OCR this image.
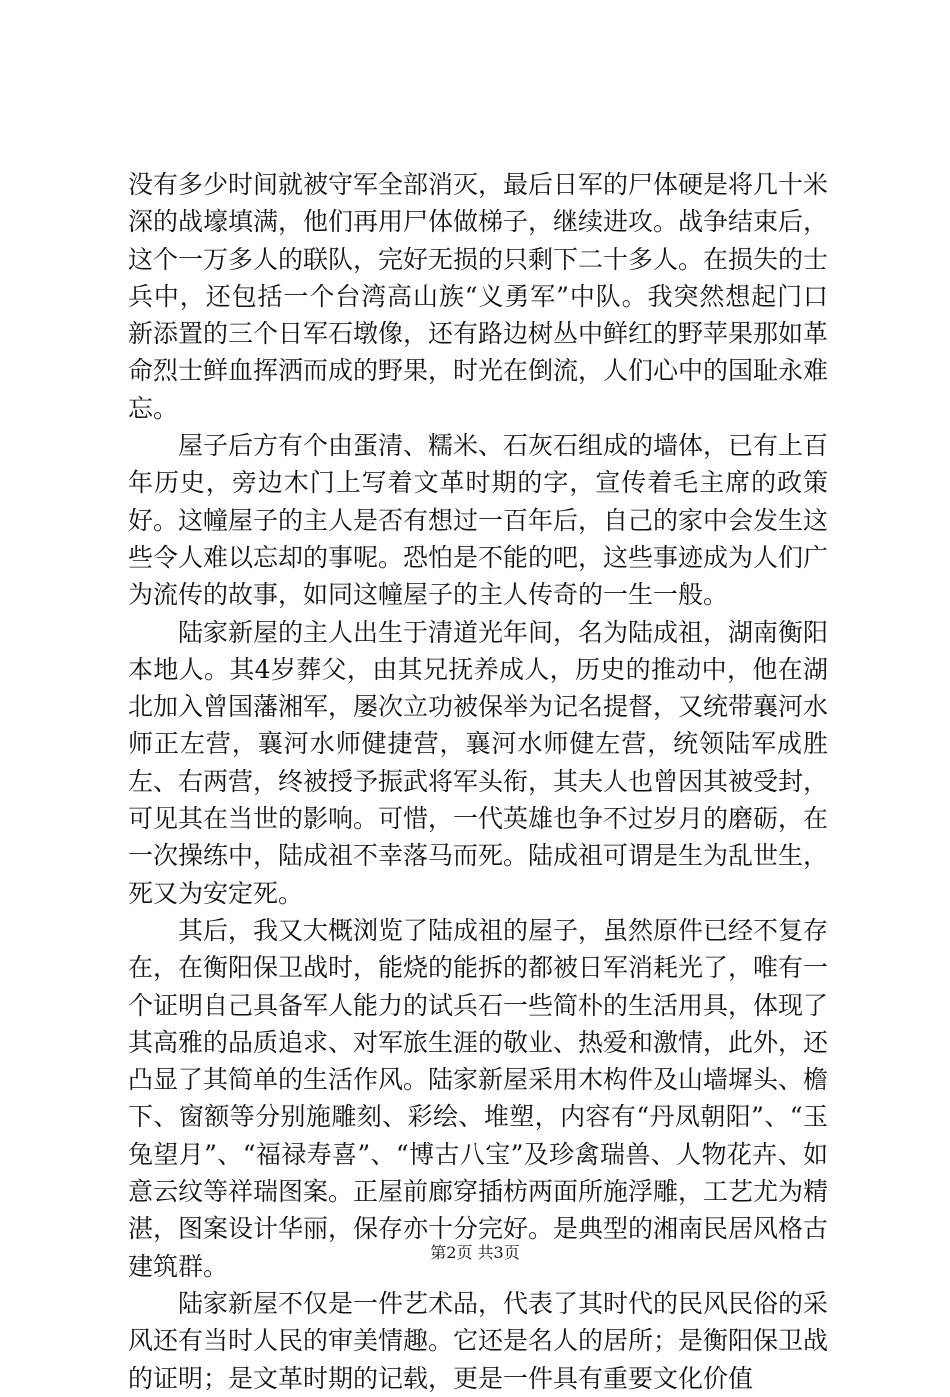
没有多少时间就被守军全部消灭，最后日军的尸体硬是将几十米深的战壕填满，他们再用尸体做梯子，继续进攻。战争结束后，这个一万多人的联队，完好无损的只剩下二十多人。在损失的士兵中，还包括一个台湾高山族“义勇军”中队。我突然想起门口新添置的三个日军石墩像，还有路边树丛中鲜红的野苹果那如革命烈士鲜血挥洒而成的野果，时光在倒流，人们心中的国耻永难忘。

屋子后方有个由蛋清、糯米、石灰石组成的墙体，已有上百年历史，旁边木门上写着文革时期的字，宣传着毛主席的政策好。这幢屋子的主人是否有想过一百年后，自己的家中会发生这些令人难以忘却的事呢。恐怕是不能的吧，这些事迹成为人们广为流传的故事，如同这幢屋子的主人传奇的一生一般。

陆家新屋的主人出生于清道光年间，名为陆成祖，湖南衡阳本地人。其4岁葬父，由其兄抚养成人，历史的推动中，他在湖北加入曾国藩湘军，屡次立功被保举为记名提督，又统带襄河水师正左营，襄河水师健捷营，襄河水师健左营，统领陆军成胜左、右两营，终被授予振武将军头衔，其夫人也曾因其被受封，可见其在当世的影响。可惜，一代英雄也争不过岁月的磨砺，在一次操练中，陆成祖不幸落马而死。陆成祖可谓是生为乱世生，死又为安定死。

其后，我又大概浏览了陆成祖的屋子，虽然原件已经不复存在，在衡阳保卫战时，能烧的能拆的都被日军消耗光了，唯有一个证明自己具备军人能力的试兵石一些简朴的生活用具，体现了其高雅的品质追求、对军旅生涯的敬业、热爱和激情，此外，还凸显了其简单的生活作风。陆家新屋采用木构件及山墙墀头、檐下、窗额等分别施雕刻、彩绘、堆塑，内容有“丹凤朝阳”、“玉兔望月”、“福禄寿喜”、“博古八宝”及珍禽瑞兽、人物花卉、如意云纹等祥瑞图案。正屋前廊穿插枋两面所施浮雕，工艺尤为精湛，图案设计华丽，保存亦十分完好。是典型的湘南民居风格古建筑群。

陆家新屋不仅是一件艺术品，代表了其时代的民风民俗的采风还有当时人民的审美情趣。它还是名人的居所；是衡阳保卫战的证明；是文革时期的记载，更是一件具有重要文化价值

第2页 共3页
